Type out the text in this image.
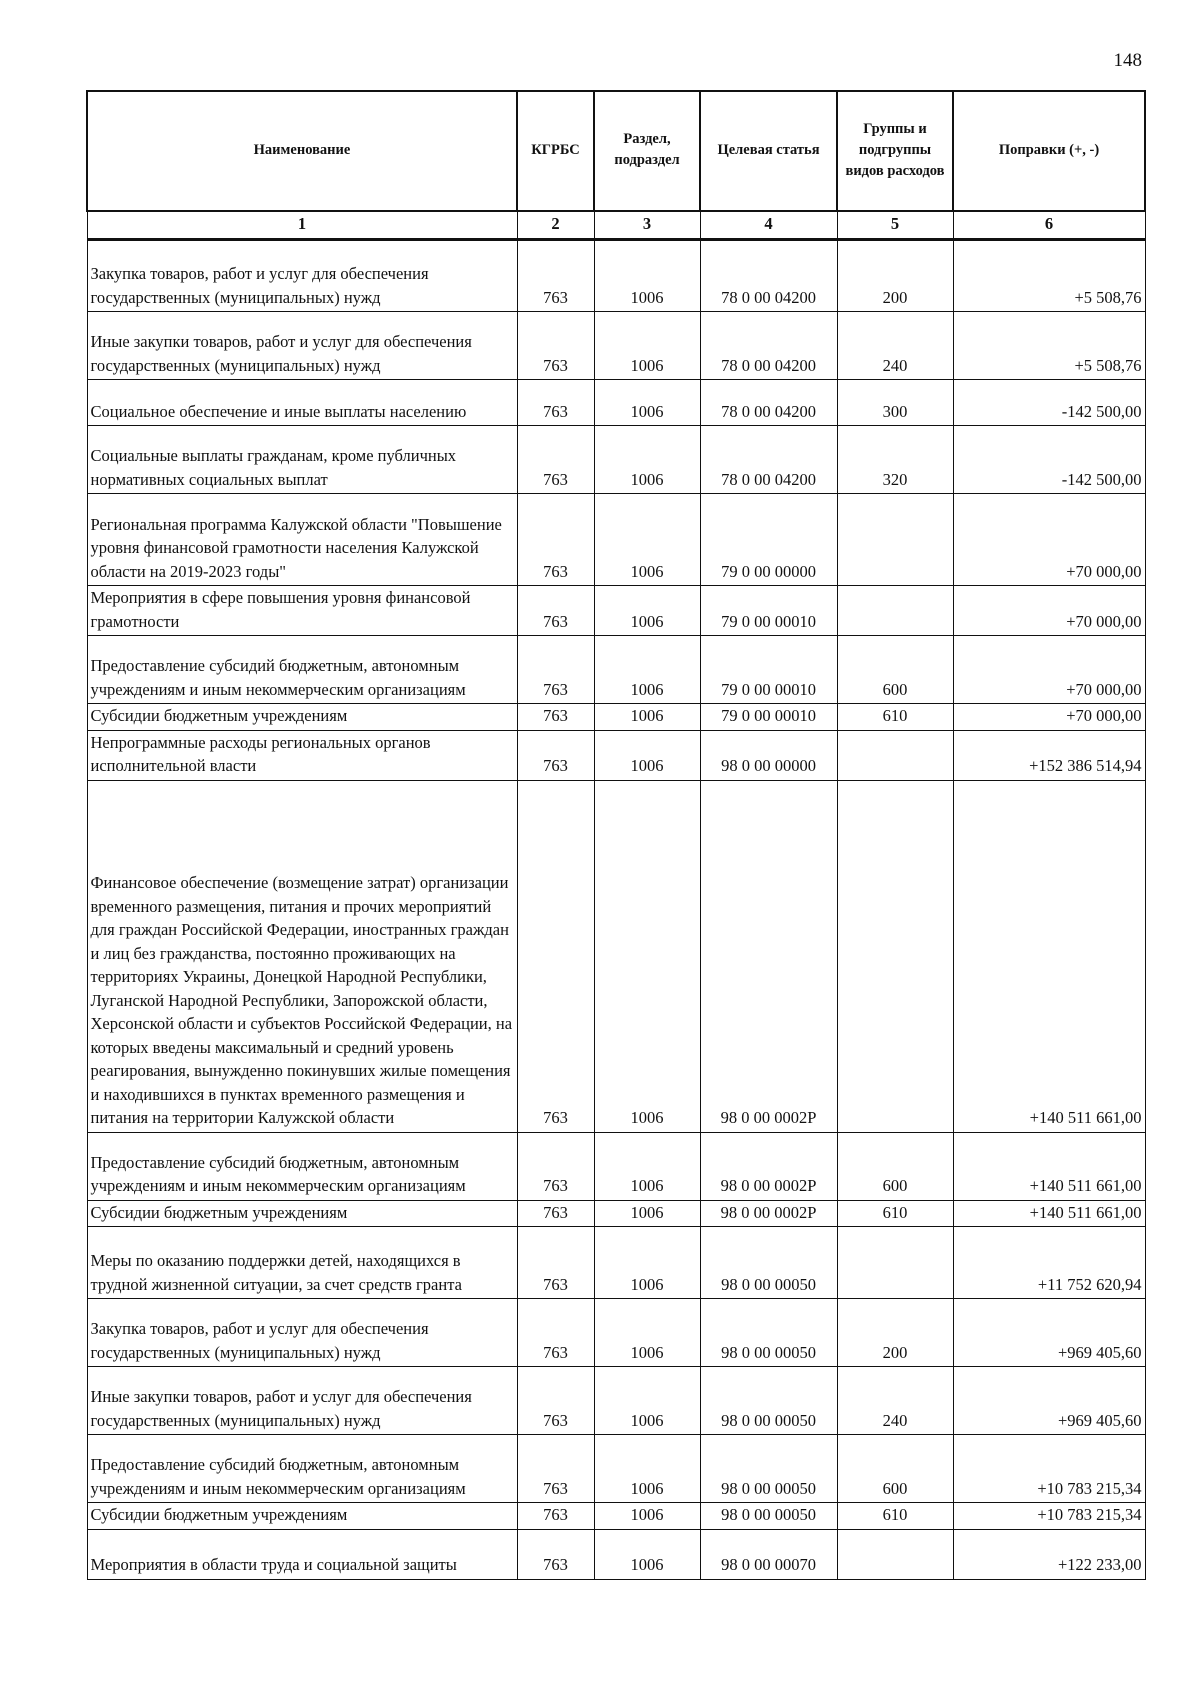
148
Наименование	КГРБС	Раздел, подраздел	Целевая статья	Группы и подгруппы видов расходов	Поправки (+, -)
1	2	3	4	5	6
Закупка товаров, работ и услуг для обеспечения государственных (муниципальных) нужд	763	1006	78 0 00 04200	200	+5 508,76
Иные закупки товаров, работ и услуг для обеспечения государственных (муниципальных) нужд	763	1006	78 0 00 04200	240	+5 508,76
Социальное обеспечение и иные выплаты населению	763	1006	78 0 00 04200	300	-142 500,00
Социальные выплаты гражданам, кроме публичных нормативных социальных выплат	763	1006	78 0 00 04200	320	-142 500,00
Региональная программа Калужской области "Повышение уровня финансовой грамотности населения Калужской области на 2019-2023 годы"	763	1006	79 0 00 00000		+70 000,00
Мероприятия в сфере повышения уровня финансовой грамотности	763	1006	79 0 00 00010		+70 000,00
Предоставление субсидий бюджетным, автономным учреждениям и иным некоммерческим организациям	763	1006	79 0 00 00010	600	+70 000,00
Субсидии бюджетным учреждениям	763	1006	79 0 00 00010	610	+70 000,00
Непрограммные расходы региональных органов исполнительной власти	763	1006	98 0 00 00000		+152 386 514,94
Финансовое обеспечение (возмещение затрат) организации временного размещения, питания и прочих мероприятий для граждан Российской Федерации, иностранных граждан и лиц без гражданства, постоянно проживающих на территориях Украины, Донецкой Народной Республики, Луганской Народной Республики, Запорожской области, Херсонской области и субъектов Российской Федерации, на которых введены максимальный и средний уровень реагирования, вынужденно покинувших жилые помещения и находившихся в пунктах временного размещения и питания на территории Калужской области	763	1006	98 0 00 0002Р		+140 511 661,00
Предоставление субсидий бюджетным, автономным учреждениям и иным некоммерческим организациям	763	1006	98 0 00 0002Р	600	+140 511 661,00
Субсидии бюджетным учреждениям	763	1006	98 0 00 0002Р	610	+140 511 661,00
Меры по оказанию поддержки детей, находящихся в трудной жизненной ситуации, за счет средств гранта	763	1006	98 0 00 00050		+11 752 620,94
Закупка товаров, работ и услуг для обеспечения государственных (муниципальных) нужд	763	1006	98 0 00 00050	200	+969 405,60
Иные закупки товаров, работ и услуг для обеспечения государственных (муниципальных) нужд	763	1006	98 0 00 00050	240	+969 405,60
Предоставление субсидий бюджетным, автономным учреждениям и иным некоммерческим организациям	763	1006	98 0 00 00050	600	+10 783 215,34
Субсидии бюджетным учреждениям	763	1006	98 0 00 00050	610	+10 783 215,34
Мероприятия в области труда и социальной защиты	763	1006	98 0 00 00070		+122 233,00
